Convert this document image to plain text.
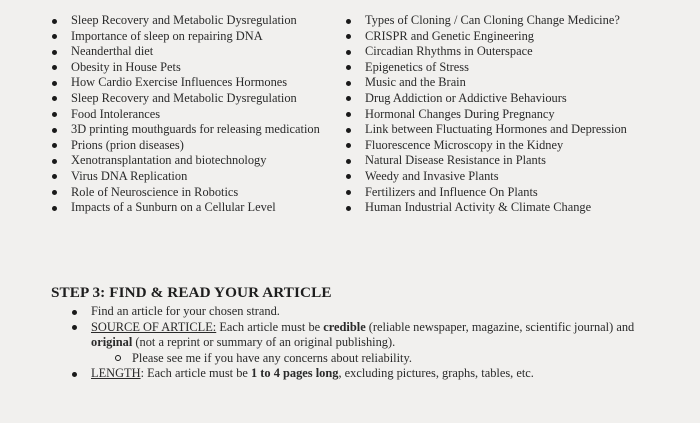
Sleep Recovery and Metabolic Dysregulation
Importance of sleep on repairing DNA
Neanderthal diet
Obesity in House Pets
How Cardio Exercise Influences Hormones
Sleep Recovery and Metabolic Dysregulation
Food Intolerances
3D printing mouthguards for releasing medication
Prions (prion diseases)
Xenotransplantation and biotechnology
Virus DNA Replication
Role of Neuroscience in Robotics
Impacts of a Sunburn on a Cellular Level
Types of Cloning / Can Cloning Change Medicine?
CRISPR and Genetic Engineering
Circadian Rhythms in Outerspace
Epigenetics of Stress
Music and the Brain
Drug Addiction or Addictive Behaviours
Hormonal Changes During Pregnancy
Link between Fluctuating Hormones and Depression
Fluorescence Microscopy in the Kidney
Natural Disease Resistance in Plants
Weedy and Invasive Plants
Fertilizers and Influence On Plants
Human Industrial Activity & Climate Change
STEP 3: FIND & READ YOUR ARTICLE
Find an article for your chosen strand.
SOURCE OF ARTICLE: Each article must be credible (reliable newspaper, magazine, scientific journal) and original (not a reprint or summary of an original publishing).
Please see me if you have any concerns about reliability.
LENGTH: Each article must be 1 to 4 pages long, excluding pictures, graphs, tables, etc.
